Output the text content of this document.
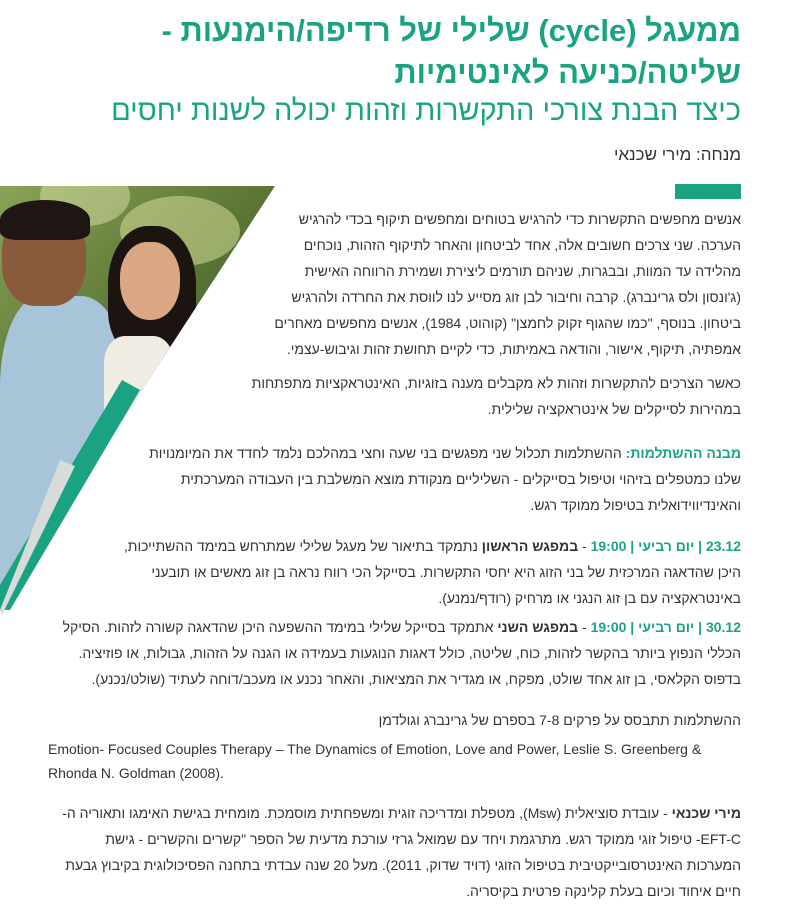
ממעגל (cycle) שלילי של רדיפה/הימנעות - שליטה/כניעה לאינטימיות
כיצד הבנת צורכי התקשרות וזהות יכולה לשנות יחסים
מנחה: מירי שכנאי

אנשים מחפשים התקשרות כדי להרגיש בטוחים ומחפשים תיקוף בכדי להרגיש הערכה. שני צרכים חשובים אלה, אחד לביטחון והאחר לתיקוף הזהות, נוכחים מהלידה עד המוות, ובבגרות, שניהם תורמים ליצירת ושמירת הרווחה האישית (ג'ונסון ולס גרינברג). קרבה וחיבור לבן זוג מסייע לנו לווסת את החרדה ולהרגיש ביטחון. בנוסף, "כמו שהגוף זקוק לחמצן" (קוהוט, 1984), אנשים מחפשים מאחרים אמפתיה, תיקוף, אישור, והודאה באמיתות, כדי לקיים תחושת זהות וגיבוש-עצמי.

כאשר הצרכים להתקשרות וזהות לא מקבלים מענה בזוגיות, האינטראקציות מתפתחות במהירות לסייקלים של אינטראקציה שלילית.

מבנה ההשתלמות: ההשתלמות תכלול שני מפגשים בני שעה וחצי במהלכם נלמד לחדד את המיומנויות שלנו כמטפלים בזיהוי וטיפול בסייקלים - השליליים מנקודת מוצא המשלבת בין העבודה המערכתית והאינדיווידואלית בטיפול ממוקד רגש.

23.12 | יום רביעי | 19:00 - במפגש הראשון נתמקד בתיאור של מעגל שלילי שמתרחש במימד ההשתייכות, היכן שהדאגה המרכזית של בני הזוג היא יחסי התקשרות. בסייקל הכי רווח נראה בן זוג מאשים או תובעני באינטראקציה עם בן זוג הנגני או מרחיק (רודף/נמנע).

30.12 | יום רביעי | 19:00 - במפגש השני אתמקד בסייקל שלילי במימד ההשפעה היכן שהדאגה קשורה לזהות. הסיקל הכללי הנפוץ ביותר בהקשר לזהות, כוח, שליטה, כולל דאגות הנוגעות בעמידה או הגנה על הזהות, גבולות, או פוזיציה. בדפוס הקלאסי, בן זוג אחד שולט, מפקח, או מגדיר את המציאות, והאחר נכנע או מעכב/דוחה לעתיד (שולט/נכנע).

ההשתלמות תתבסס על פרקים 7-8 בספרם של גרינברג וגולדמן

Emotion- Focused Couples Therapy – The Dynamics of Emotion, Love and Power, Leslie S. Greenberg & Rhonda N. Goldman (2008).

מירי שכנאי - עובדת סוציאלית (Msw), מטפלת ומדריכה זוגית ומשפחתית מוסמכת. מומחית בגישת האימגו ותאוריה ה-EFT-C- טיפול זוגי ממוקד רגש. מתרגמת ויחד עם שמואל גרזי עורכת מדעית של הספר "קשרים והקשרים - גישת המערכות האינטרסובייקטיבית בטיפול הזוגי (דויד שדוק, 2011). מעל 20 שנה עבדתי בתחנה הפסיכולוגית בקיבוץ גבעת חיים איחוד וכיום בעלת קלינקה פרטית בקיסריה.
